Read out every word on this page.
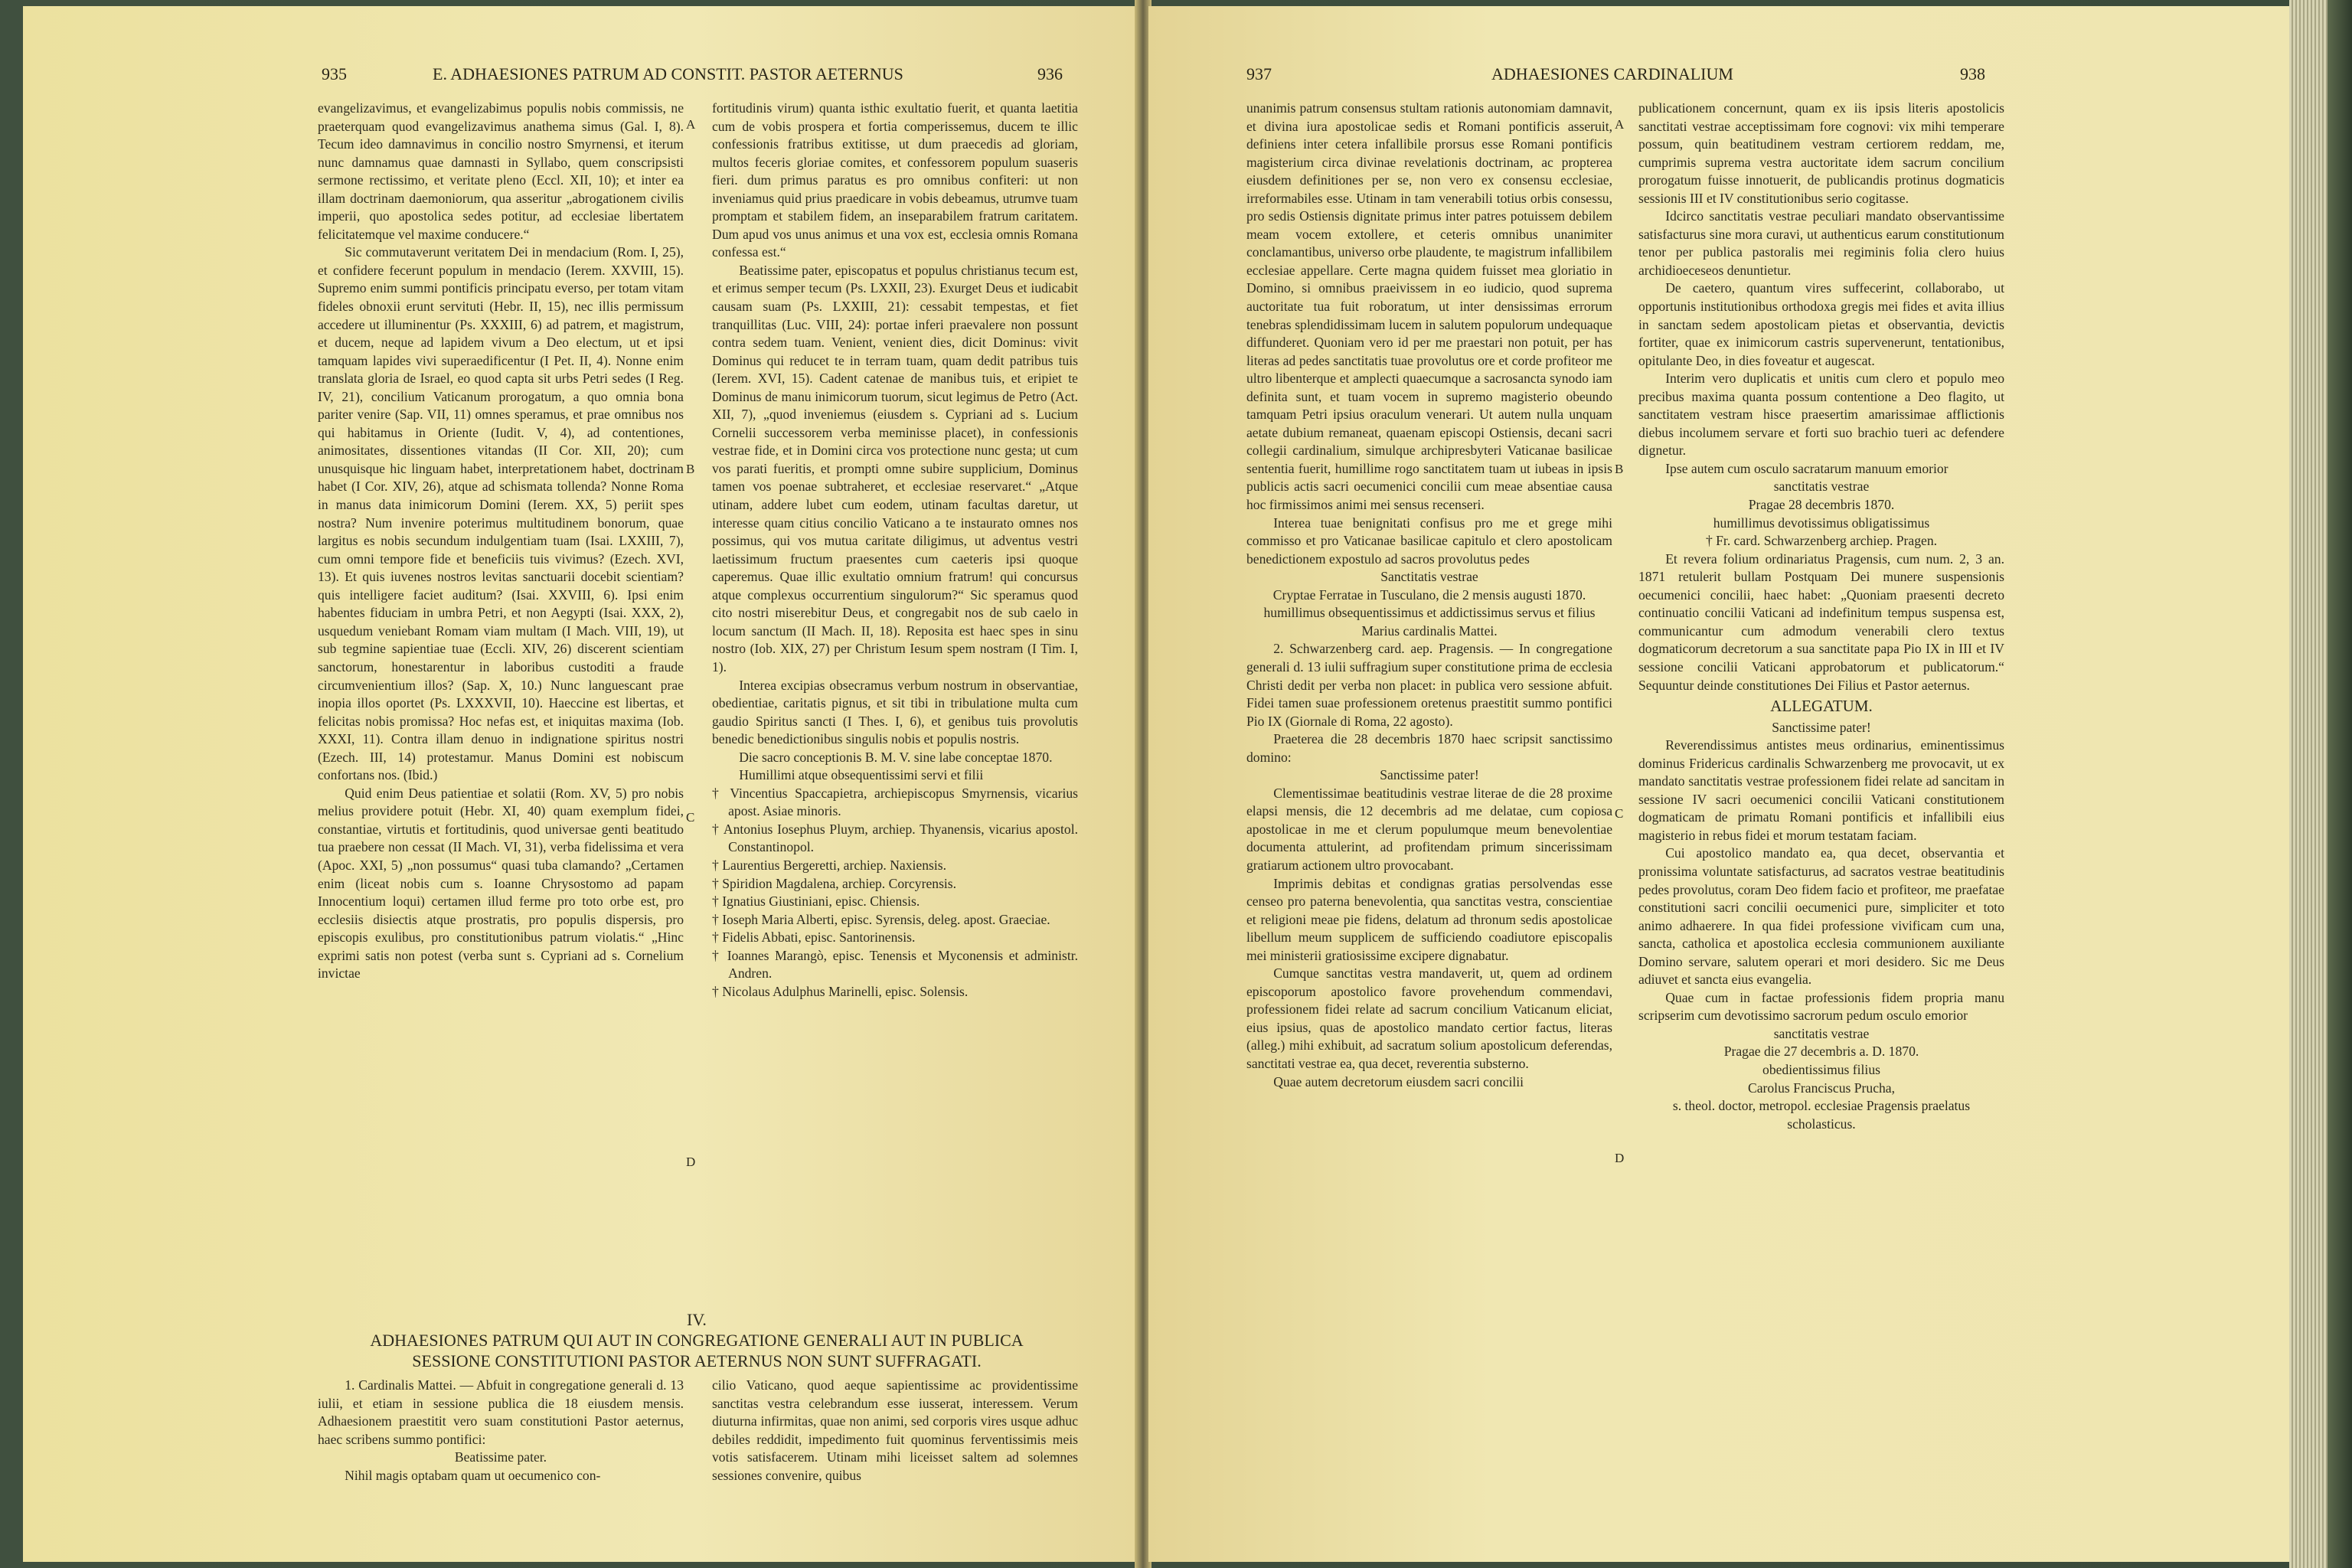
935	E. ADHAESIONES PATRUM AD CONSTIT. PASTOR AETERNUS	936

evangelizavimus, et evangelizabimus populis nobis commissis, ne praeterquam quod evangelizavimus anathema simus (Gal. I, 8). Tecum ideo damnavimus in concilio nostro Smyrnensi, et iterum nunc damnamus quae damnasti in Syllabo, quem conscripsisti sermone rectissimo, et veritate pleno (Eccl. XII, 10); et inter ea illam doctrinam daemoniorum, qua asseritur „abrogationem civilis imperii, quo apostolica sedes potitur, ad ecclesiae libertatem felicitatemque vel maxime conducere.“

Sic commutaverunt veritatem Dei in mendacium (Rom. I, 25), et confidere fecerunt populum in mendacio (Ierem. XXVIII, 15). Supremo enim summi pontificis principatu everso, per totam vitam fideles obnoxii erunt servituti (Hebr. II, 15), nec illis permissum accedere ut illuminentur (Ps. XXXIII, 6) ad patrem, et magistrum, et ducem, neque ad lapidem vivum a Deo electum, ut et ipsi tamquam lapides vivi superaedificentur (I Pet. II, 4). Nonne enim translata gloria de Israel, eo quod capta sit urbs Petri sedes (I Reg. IV, 21), concilium Vaticanum prorogatum, a quo omnia bona pariter venire (Sap. VII, 11) omnes speramus, et prae omnibus nos qui habitamus in Oriente (Iudit. V, 4), ad contentiones, animositates, dissentiones vitandas (II Cor. XII, 20); cum unusquisque hic linguam habet, interpretationem habet, doctrinam habet (I Cor. XIV, 26), atque ad schismata tollenda? Nonne Roma in manus data inimicorum Domini (Ierem. XX, 5) periit spes nostra? Num invenire poterimus multitudinem bonorum, quae largitus es nobis secundum indulgentiam tuam (Isai. LXXIII, 7), cum omni tempore fide et beneficiis tuis vivimus? (Ezech. XVI, 13). Et quis iuvenes nostros levitas sanctuarii docebit scientiam? quis intelligere faciet auditum? (Isai. XXVIII, 6). Ipsi enim habentes fiduciam in umbra Petri, et non Aegypti (Isai. XXX, 2), usquedum veniebant Romam viam multam (I Mach. VIII, 19), ut sub tegmine sapientiae tuae (Eccli. XIV, 26) discerent scientiam sanctorum, honestarentur in laboribus custoditi a fraude circumvenientium illos? (Sap. X, 10.) Nunc languescant prae inopia illos oportet (Ps. LXXXVII, 10). Haeccine est libertas, et felicitas nobis promissa? Hoc nefas est, et iniquitas maxima (Iob. XXXI, 11). Contra illam denuo in indignatione spiritus nostri (Ezech. III, 14) protestamur. Manus Domini est nobiscum confortans nos. (Ibid.)

Quid enim Deus patientiae et solatii (Rom. XV, 5) pro nobis melius providere potuit (Hebr. XI, 40) quam exemplum fidei, constantiae, virtutis et fortitudinis, quod universae genti beatitudo tua praebere non cessat (II Mach. VI, 31), verba fidelissima et vera (Apoc. XXI, 5) „non possumus“ quasi tuba clamando? „Certamen enim (liceat nobis cum s. Ioanne Chrysostomo ad papam Innocentium loqui) certamen illud ferme pro toto orbe est, pro ecclesiis disiectis atque prostratis, pro populis dispersis, pro episcopis exulibus, pro constitutionibus patrum violatis.“ „Hinc exprimi satis non potest (verba sunt s. Cypriani ad s. Cornelium invictae

A
B
C
D

fortitudinis virum) quanta isthic exultatio fuerit, et quanta laetitia cum de vobis prospera et fortia comperissemus, ducem te illic confessionis fratribus extitisse, ut dum praecedis ad gloriam, multos feceris gloriae comites, et confessorem populum suaseris fieri. dum primus paratus es pro omnibus confiteri: ut non inveniamus quid prius praedicare in vobis debeamus, utrumve tuam promptam et stabilem fidem, an inseparabilem fratrum caritatem. Dum apud vos unus animus et una vox est, ecclesia omnis Romana confessa est.“

Beatissime pater, episcopatus et populus christianus tecum est, et erimus semper tecum (Ps. LXXII, 23). Exurget Deus et iudicabit causam suam (Ps. LXXIII, 21): cessabit tempestas, et fiet tranquillitas (Luc. VIII, 24): portae inferi praevalere non possunt contra sedem tuam. Venient, venient dies, dicit Dominus: vivit Dominus qui reducet te in terram tuam, quam dedit patribus tuis (Ierem. XVI, 15). Cadent catenae de manibus tuis, et eripiet te Dominus de manu inimicorum tuorum, sicut legimus de Petro (Act. XII, 7), „quod inveniemus (eiusdem s. Cypriani ad s. Lucium Cornelii successorem verba meminisse placet), in confessionis vestrae fide, et in Domini circa vos protectione nunc gesta; ut cum vos parati fueritis, et prompti omne subire supplicium, Dominus tamen vos poenae subtraheret, et ecclesiae reservaret.“ „Atque utinam, addere lubet cum eodem, utinam facultas daretur, ut interesse quam citius concilio Vaticano a te instaurato omnes nos possimus, qui vos mutua caritate diligimus, ut adventus vestri laetissimum fructum praesentes cum caeteris ipsi quoque caperemus. Quae illic exultatio omnium fratrum! qui concursus atque complexus occurrentium singulorum?“ Sic speramus quod cito nostri miserebitur Deus, et congregabit nos de sub caelo in locum sanctum (II Mach. II, 18). Reposita est haec spes in sinu nostro (Iob. XIX, 27) per Christum Iesum spem nostram (I Tim. I, 1).

Interea excipias obsecramus verbum nostrum in observantiae, obedientiae, caritatis pignus, et sit tibi in tribulatione multa cum gaudio Spiritus sancti (I Thes. I, 6), et genibus tuis provolutis benedic benedictionibus singulis nobis et populis nostris.

Die sacro conceptionis B. M. V. sine labe conceptae 1870.

Humillimi atque obsequentissimi servi et filii

† Vincentius Spaccapietra, archiepiscopus Smyrnensis, vicarius apost. Asiae minoris.

† Antonius Iosephus Pluym, archiep. Thyanensis, vicarius apostol. Constantinopol.

† Laurentius Bergeretti, archiep. Naxiensis.

† Spiridion Magdalena, archiep. Corcyrensis.

† Ignatius Giustiniani, episc. Chiensis.

† Ioseph Maria Alberti, episc. Syrensis, deleg. apost. Graeciae.

† Fidelis Abbati, episc. Santorinensis.

† Ioannes Marangò, episc. Tenensis et Myconensis et administr. Andren.

† Nicolaus Adulphus Marinelli, episc. Solensis.

IV.
ADHAESIONES PATRUM QUI AUT IN CONGREGATIONE GENERALI AUT IN PUBLICA
SESSIONE CONSTITUTIONI PASTOR AETERNUS NON SUNT SUFFRAGATI.

1. Cardinalis Mattei. — Abfuit in congregatione generali d. 13 iulii, et etiam in sessione publica die 18 eiusdem mensis. Adhaesionem praestitit vero suam constitutioni Pastor aeternus, haec scribens summo pontifici:

Beatissime pater.

Nihil magis optabam quam ut oecumenico con-

cilio Vaticano, quod aeque sapientissime ac providentissime sanctitas vestra celebrandum esse iusserat, interessem. Verum diuturna infirmitas, quae non animi, sed corporis vires usque adhuc debiles reddidit, impedimento fuit quominus ferventissimis meis votis satisfacerem. Utinam mihi liceisset saltem ad solemnes sessiones convenire, quibus

937	ADHAESIONES CARDINALIUM	938

unanimis patrum consensus stultam rationis autonomiam damnavit, et divina iura apostolicae sedis et Romani pontificis asseruit, definiens inter cetera infallibile prorsus esse Romani pontificis magisterium circa divinae revelationis doctrinam, ac propterea eiusdem definitiones per se, non vero ex consensu ecclesiae, irreformabiles esse. Utinam in tam venerabili totius orbis consessu, pro sedis Ostiensis dignitate primus inter patres potuissem debilem meam vocem extollere, et ceteris omnibus unanimiter conclamantibus, universo orbe plaudente, te magistrum infallibilem ecclesiae appellare. Certe magna quidem fuisset mea gloriatio in Domino, si omnibus praeivissem in eo iudicio, quod suprema auctoritate tua fuit roboratum, ut inter densissimas errorum tenebras splendidissimam lucem in salutem populorum undequaque diffunderet. Quoniam vero id per me praestari non potuit, per has literas ad pedes sanctitatis tuae provolutus ore et corde profiteor me ultro libenterque et amplecti quaecumque a sacrosancta synodo iam definita sunt, et tuam vocem in supremo magisterio obeundo tamquam Petri ipsius oraculum venerari. Ut autem nulla unquam aetate dubium remaneat, quaenam episcopi Ostiensis, decani sacri collegii cardinalium, simulque archipresbyteri Vaticanae basilicae sententia fuerit, humillime rogo sanctitatem tuam ut iubeas in ipsis publicis actis sacri oecumenici concilii cum meae absentiae causa hoc firmissimos animi mei sensus recenseri.

Interea tuae benignitati confisus pro me et grege mihi commisso et pro Vaticanae basilicae capitulo et clero apostolicam benedictionem expostulo ad sacros provolutus pedes

Sanctitatis vestrae

Cryptae Ferratae in Tusculano, die 2 mensis augusti 1870.

humillimus obsequentissimus et addictissimus servus et filius

Marius cardinalis Mattei.

2. Schwarzenberg card. aep. Pragensis. — In congregatione generali d. 13 iulii suffragium super constitutione prima de ecclesia Christi dedit per verba non placet: in publica vero sessione abfuit. Fidei tamen suae professionem oretenus praestitit summo pontifici Pio IX (Giornale di Roma, 22 agosto).

Praeterea die 28 decembris 1870 haec scripsit sanctissimo domino:

Sanctissime pater!

Clementissimae beatitudinis vestrae literae de die 28 proxime elapsi mensis, die 12 decembris ad me delatae, cum copiosa apostolicae in me et clerum populumque meum benevolentiae documenta attulerint, ad profitendam primum sincerissimam gratiarum actionem ultro provocabant.

Imprimis debitas et condignas gratias persolvendas esse censeo pro paterna benevolentia, qua sanctitas vestra, conscientiae et religioni meae pie fidens, delatum ad thronum sedis apostolicae libellum meum supplicem de sufficiendo coadiutore episcopalis mei ministerii gratiosissime excipere dignabatur.

Cumque sanctitas vestra mandaverit, ut, quem ad ordinem episcoporum apostolico favore provehendum commendavi, professionem fidei relate ad sacrum concilium Vaticanum eliciat, eius ipsius, quas de apostolico mandato certior factus, literas (alleg.) mihi exhibuit, ad sacratum solium apostolicum deferendas, sanctitati vestrae ea, qua decet, reverentia substerno.

Quae autem decretorum eiusdem sacri concilii

A
B
C
D

publicationem concernunt, quam ex iis ipsis literis apostolicis sanctitati vestrae acceptissimam fore cognovi: vix mihi temperare possum, quin beatitudinem vestram certiorem reddam, me, cumprimis suprema vestra auctoritate idem sacrum concilium prorogatum fuisse innotuerit, de publicandis protinus dogmaticis sessionis III et IV constitutionibus serio cogitasse.

Idcirco sanctitatis vestrae peculiari mandato observantissime satisfacturus sine mora curavi, ut authenticus earum constitutionum tenor per publica pastoralis mei regiminis folia clero huius archidioeceseos denuntietur.

De caetero, quantum vires suffecerint, collaborabo, ut opportunis institutionibus orthodoxa gregis mei fides et avita illius in sanctam sedem apostolicam pietas et observantia, devictis fortiter, quae ex inimicorum castris supervenerunt, tentationibus, opitulante Deo, in dies foveatur et augescat.

Interim vero duplicatis et unitis cum clero et populo meo precibus maxima quanta possum contentione a Deo flagito, ut sanctitatem vestram hisce praesertim amarissimae afflictionis diebus incolumem servare et forti suo brachio tueri ac defendere dignetur.

Ipse autem cum osculo sacratarum manuum emorior

sanctitatis vestrae

Pragae 28 decembris 1870.

humillimus devotissimus obligatissimus

† Fr. card. Schwarzenberg archiep. Pragen.

Et revera folium ordinariatus Pragensis, cum num. 2, 3 an. 1871 retulerit bullam Postquam Dei munere suspensionis oecumenici concilii, haec habet: „Quoniam praesenti decreto continuatio concilii Vaticani ad indefinitum tempus suspensa est, communicantur cum admodum venerabili clero textus dogmaticorum decretorum a sua sanctitate papa Pio IX in III et IV sessione concilii Vaticani approbatorum et publicatorum.“ Sequuntur deinde constitutiones Dei Filius et Pastor aeternus.

ALLEGATUM.

Sanctissime pater!

Reverendissimus antistes meus ordinarius, eminentissimus dominus Fridericus cardinalis Schwarzenberg me provocavit, ut ex mandato sanctitatis vestrae professionem fidei relate ad sancitam in sessione IV sacri oecumenici concilii Vaticani constitutionem dogmaticam de primatu Romani pontificis et infallibili eius magisterio in rebus fidei et morum testatam faciam.

Cui apostolico mandato ea, qua decet, observantia et pronissima voluntate satisfacturus, ad sacratos vestrae beatitudinis pedes provolutus, coram Deo fidem facio et profiteor, me praefatae constitutioni sacri concilii oecumenici pure, simpliciter et toto animo adhaerere. In qua fidei professione vivificam cum una, sancta, catholica et apostolica ecclesia communionem auxiliante Domino servare, salutem operari et mori desidero. Sic me Deus adiuvet et sancta eius evangelia.

Quae cum in factae professionis fidem propria manu scripserim cum devotissimo sacrorum pedum osculo emorior

sanctitatis vestrae

Pragae die 27 decembris a. D. 1870.

obedientissimus filius

Carolus Franciscus Prucha,

s. theol. doctor, metropol. ecclesiae Pragensis praelatus scholasticus.
